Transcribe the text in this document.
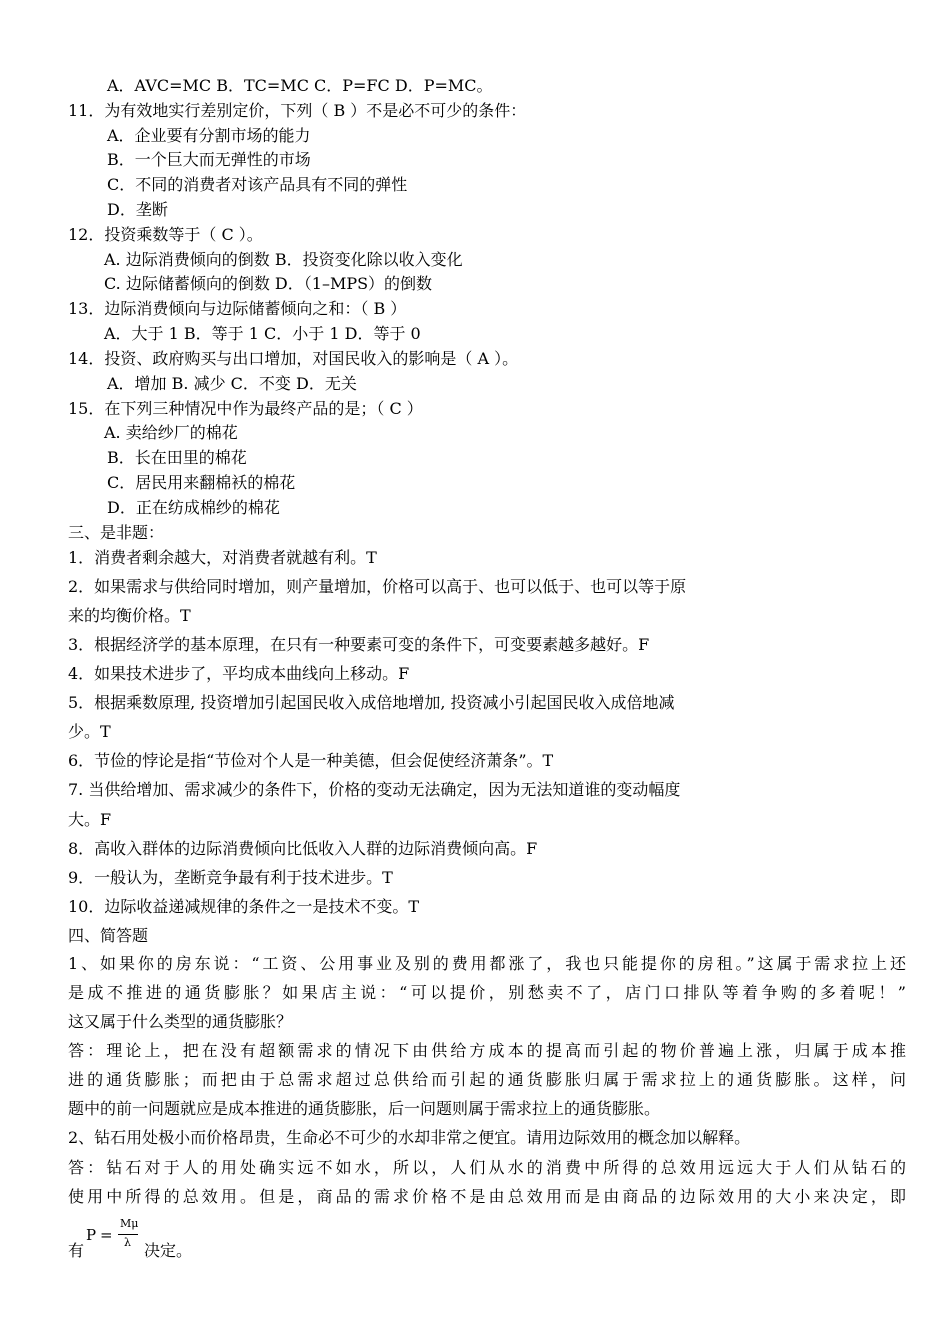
A．AVC=MC B．TC=MC C．P=FC D．P=MC。
11．为有效地实行差别定价，下列（ B ）不是必不可少的条件：
A．企业要有分割市场的能力
B．一个巨大而无弹性的市场
C．不同的消费者对该产品具有不同的弹性
D．垄断
12．投资乘数等于（ C ）。
A. 边际消费倾向的倒数 B．投资变化除以收入变化
C. 边际储蓄倾向的倒数 D．（1–MPS）的倒数
13．边际消费倾向与边际储蓄倾向之和：（ B ）
A．大于 1 B．等于 1 C．小于 1 D．等于 0
14．投资、政府购买与出口增加，对国民收入的影响是（ A ）。
A．增加 B. 减少 C．不变 D．无关
15．在下列三种情况中作为最终产品的是；（ C ）
A. 卖给纱厂的棉花
B．长在田里的棉花
C．居民用来翻棉袄的棉花
D．正在纺成棉纱的棉花
三、是非题：
1．消费者剩余越大，对消费者就越有利。T
2．如果需求与供给同时增加，则产量增加，价格可以高于、也可以低于、也可以等于原
来的均衡价格。T
3．根据经济学的基本原理，在只有一种要素可变的条件下，可变要素越多越好。F
4．如果技术进步了，平均成本曲线向上移动。F
5．根据乘数原理, 投资增加引起国民收入成倍地增加, 投资减小引起国民收入成倍地减
少。T
6．节俭的悖论是指“节俭对个人是一种美德，但会促使经济萧条”。T
7. 当供给增加、需求减少的条件下，价格的变动无法确定，因为无法知道谁的变动幅度
大。F
8．高收入群体的边际消费倾向比低收入人群的边际消费倾向高。F
9．一般认为，垄断竞争最有利于技术进步。T
10．边际收益递减规律的条件之一是技术不变。T
四、简答题
1、如果你的房东说：“工资、公用事业及别的费用都涨了，我也只能提你的房租。”这属于需求拉上还
是成不推进的通货膨胀？如果店主说：“可以提价，别愁卖不了，店门口排队等着争购的多着呢！”
这又属于什么类型的通货膨胀？
答：理论上，把在没有超额需求的情况下由供给方成本的提高而引起的物价普遍上涨，归属于成本推
进的通货膨胀；而把由于总需求超过总供给而引起的通货膨胀归属于需求拉上的通货膨胀。这样，问
题中的前一问题就应是成本推进的通货膨胀，后一问题则属于需求拉上的通货膨胀。
2、钻石用处极小而价格昂贵，生命必不可少的水却非常之便宜。请用边际效用的概念加以解释。
答：钻石对于人的用处确实远不如水，所以，人们从水的消费中所得的总效用远远大于人们从钻石的
使用中所得的总效用。但是，商品的需求价格不是由总效用而是由商品的边际效用的大小来决定，即
有
P =
Mμ
λ 决定。
